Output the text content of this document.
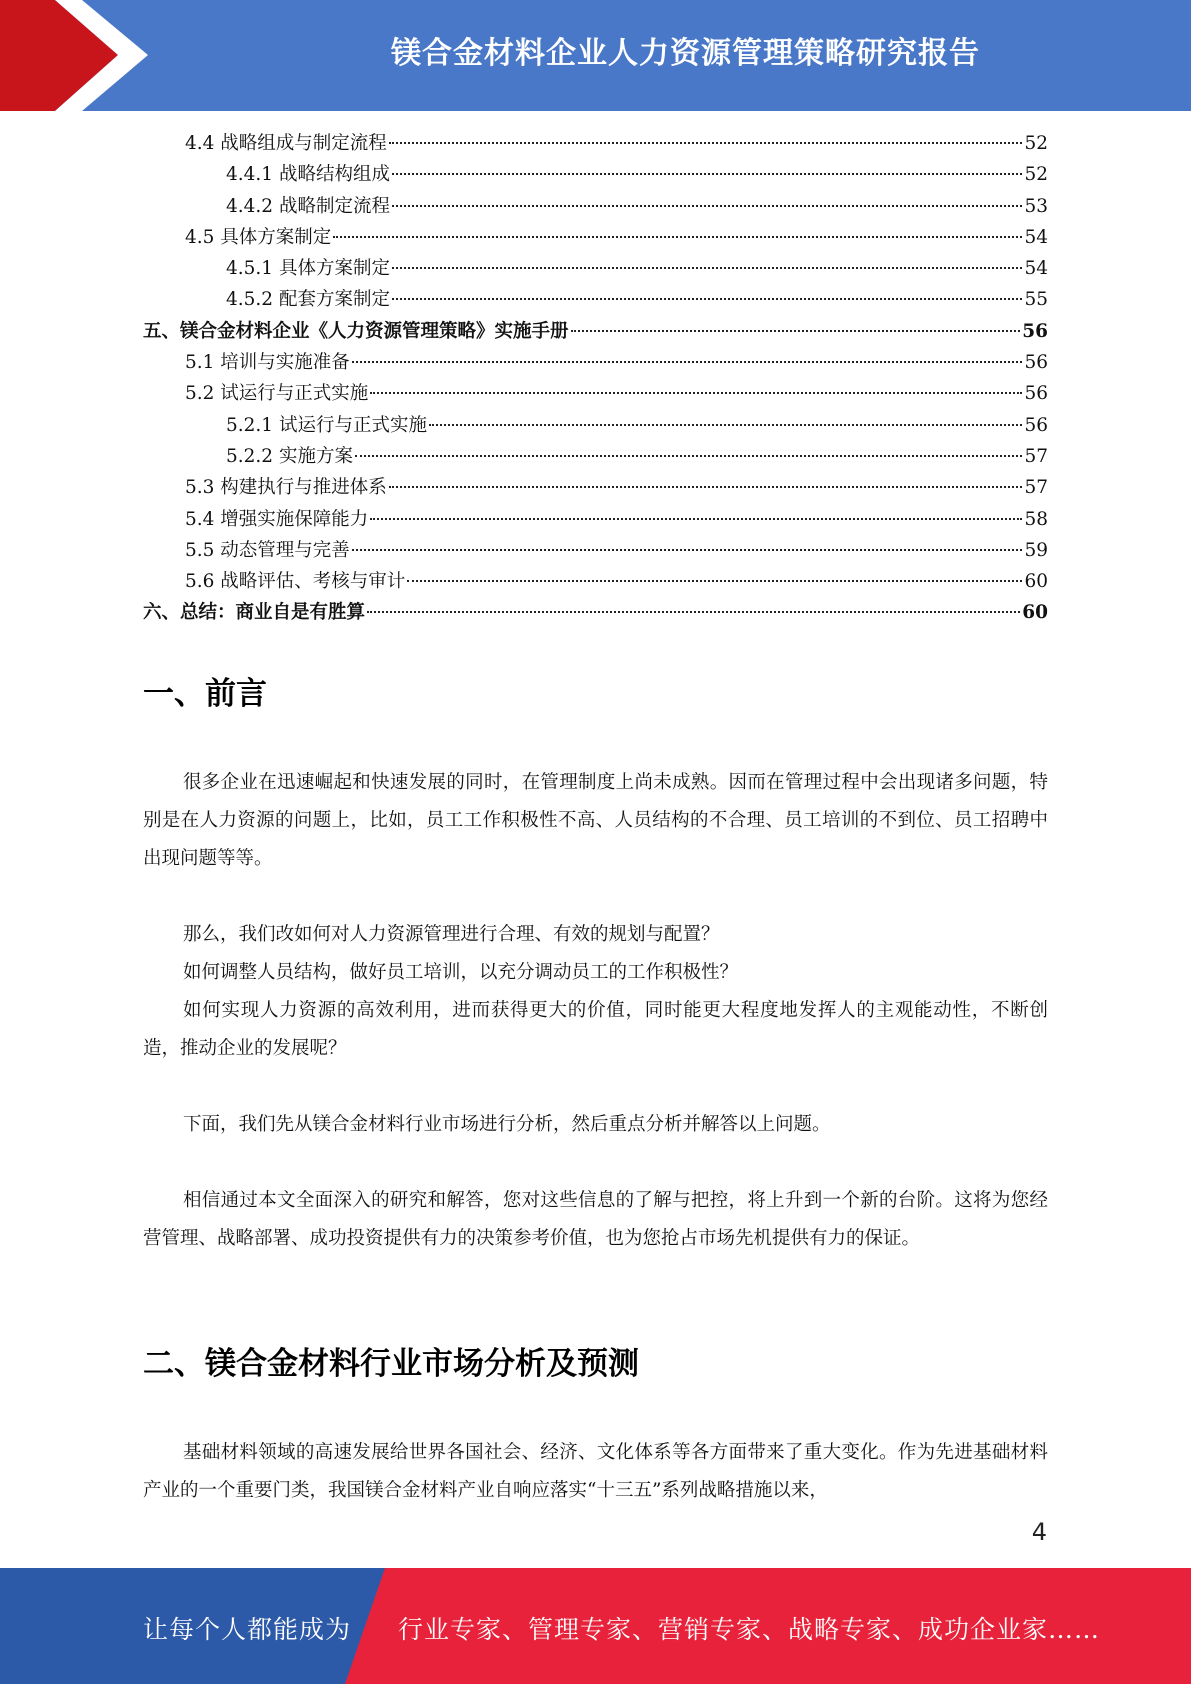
镁合金材料企业人力资源管理策略研究报告
4.4 战略组成与制定流程	52
4.4.1 战略结构组成	52
4.4.2 战略制定流程	53
4.5 具体方案制定	54
4.5.1 具体方案制定	54
4.5.2 配套方案制定	55
五、镁合金材料企业《人力资源管理策略》实施手册	56
5.1 培训与实施准备	56
5.2 试运行与正式实施	56
5.2.1 试运行与正式实施	56
5.2.2 实施方案	57
5.3 构建执行与推进体系	57
5.4 增强实施保障能力	58
5.5 动态管理与完善	59
5.6 战略评估、考核与审计	60
六、总结：商业自是有胜算	60
一、前言

很多企业在迅速崛起和快速发展的同时，在管理制度上尚未成熟。因而在管理过程中会出现诸多问题，特别是在人力资源的问题上，比如，员工工作积极性不高、人员结构的不合理、员工培训的不到位、员工招聘中出现问题等等。

那么，我们改如何对人力资源管理进行合理、有效的规划与配置？

如何调整人员结构，做好员工培训，以充分调动员工的工作积极性？

如何实现人力资源的高效利用，进而获得更大的价值，同时能更大程度地发挥人的主观能动性，不断创造，推动企业的发展呢？

下面，我们先从镁合金材料行业市场进行分析，然后重点分析并解答以上问题。

相信通过本文全面深入的研究和解答，您对这些信息的了解与把控，将上升到一个新的台阶。这将为您经营管理、战略部署、成功投资提供有力的决策参考价值，也为您抢占市场先机提供有力的保证。

二、镁合金材料行业市场分析及预测

基础材料领域的高速发展给世界各国社会、经济、文化体系等各方面带来了重大变化。作为先进基础材料产业的一个重要门类，我国镁合金材料产业自响应落实“十三五”系列战略措施以来，

4
让每个人都能成为 行业专家、管理专家、营销专家、战略专家、成功企业家……
